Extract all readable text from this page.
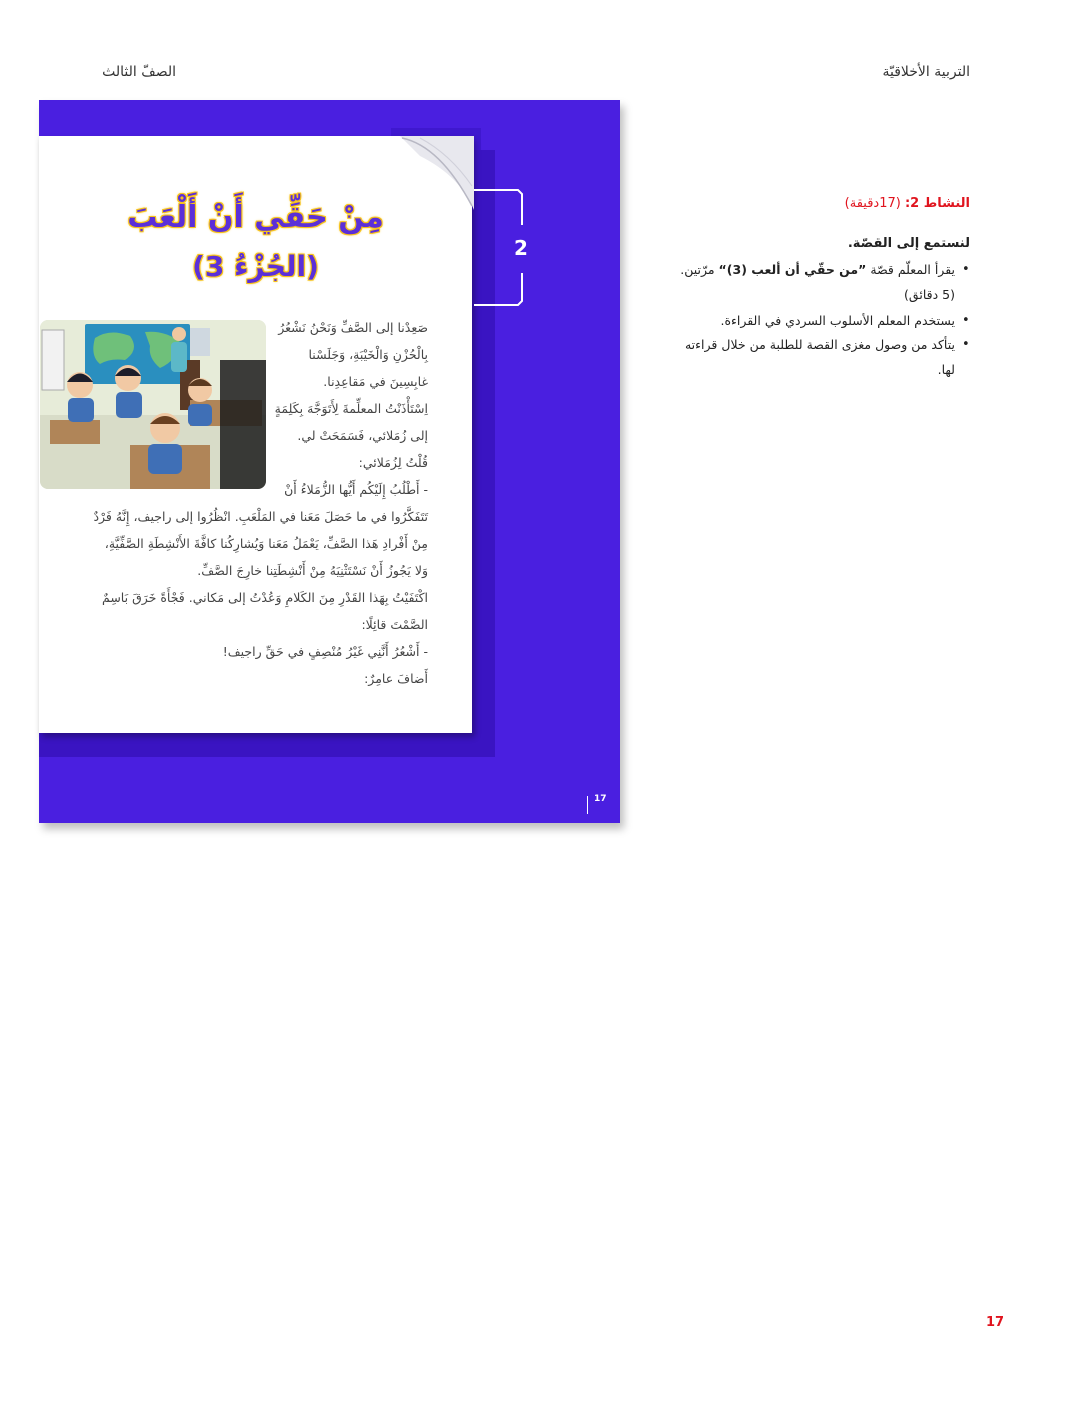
التربية الأخلاقيّة
الصفّ الثالث
مِنْ حَقِّي أَنْ أَلْعَبَ
(الجُزْءُ 3)
2
صَعِدْنا إلى الصَّفِّ وَنَحْنُ نَشْعُرُ
بِالْحُزْنِ وَالْخَيْبَةِ، وَجَلَسْنا
غابِسِينَ في مَقاعِدِنا.
اِسْتَأْذَنْتُ المعلِّمةَ لِأَتَوَجَّهَ بِكَلِمَةٍ
إلى زُمَلائي، فَسَمَحَتْ لي.
قُلْتُ لِزُمَلائي:
- أَطْلُبُ إِلَيْكُم أَيُّها الزُّمَلاءُ أَنْ
تَتَفَكَّرُوا في ما حَصَلَ مَعَنا في المَلْعَبِ. انْظُرُوا إلى راجيف، إِنَّهُ فَرْدٌ
مِنْ أَفْرادِ هَذا الصَّفِّ، يَعْمَلُ مَعَنا وَيُشارِكُنا كافَّةَ الأَنْشِطَةِ الصَّفِّيَّةِ،
وَلا يَجُوزُ أَنْ نَسْتَثْنِيَهُ مِنْ أَنْشِطَتِنا خارِجَ الصَّفِّ.
اكْتَفَيْتُ بِهَذا القَدْرِ مِنَ الكَلامِ وَعُدْتُ إلى مَكاني. فَجْأَةً خَرَقَ بَاسِمٌ
الصَّمْتَ قائِلًا:
- أَشْعُرُ أَنَّنِي غَيْرُ مُنْصِفٍ في حَقِّ راجيف!
أَضافَ عامِرٌ:
17
النشاط 2: (17دقيقة)
لنستمع إلى القصّة.
•
يقرأ المعلّم قصّة ”من حقّي أن ألعب (3)“ مرّتين.
(5 دقائق)
•
يستخدم المعلم الأسلوب السردي في القراءة.
•
يتأكد من وصول مغزى القصة للطلبة من خلال قراءته
لها.
17
